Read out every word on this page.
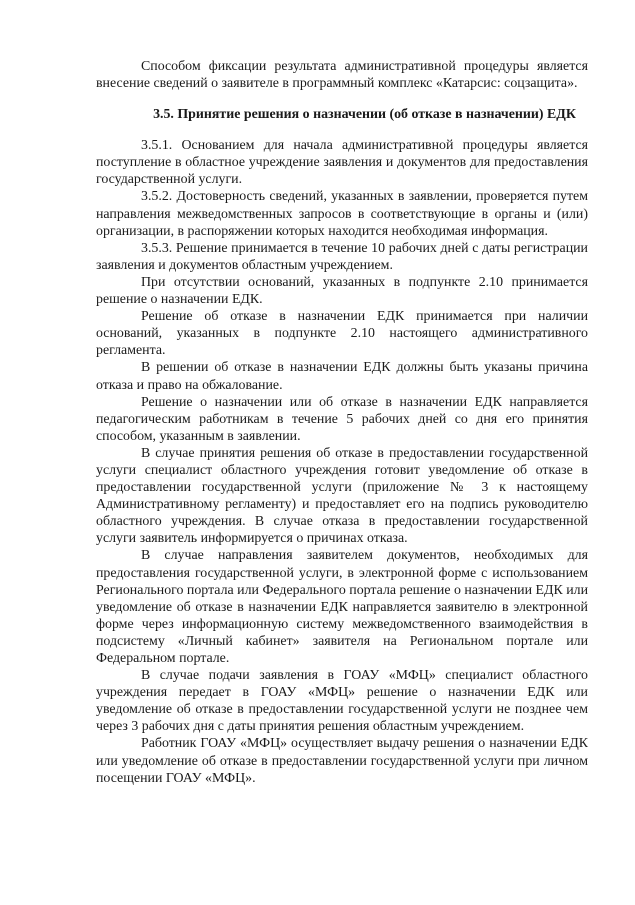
Способом фиксации результата административной процедуры является внесение сведений о заявителе в программный комплекс «Катарсис: соцзащита».

3.5. Принятие решения о назначении (об отказе в назначении) ЕДК

3.5.1. Основанием для начала административной процедуры является поступление в областное учреждение заявления и документов для предоставления государственной услуги.

3.5.2. Достоверность сведений, указанных в заявлении, проверяется путем направления межведомственных запросов в соответствующие в органы и (или) организации, в распоряжении которых находится необходимая информация.

3.5.3. Решение принимается в течение 10 рабочих дней с даты регистрации заявления и документов областным учреждением.

При отсутствии оснований, указанных в подпункте 2.10 принимается решение о назначении ЕДК.

Решение об отказе в назначении ЕДК принимается при наличии оснований, указанных в подпункте 2.10 настоящего административного регламента.

В решении об отказе в назначении ЕДК должны быть указаны причина отказа и право на обжалование.

Решение о назначении или об отказе в назначении ЕДК направляется педагогическим работникам в течение 5 рабочих дней со дня его принятия способом, указанным в заявлении.

В случае принятия решения об отказе в предоставлении государственной услуги специалист областного учреждения готовит уведомление об отказе в предоставлении государственной услуги (приложение № 3 к настоящему Административному регламенту) и предоставляет его на подпись руководителю областного учреждения. В случае отказа в предоставлении государственной услуги заявитель информируется о причинах отказа.

В случае направления заявителем документов, необходимых для предоставления государственной услуги, в электронной форме с использованием Регионального портала или Федерального портала решение о назначении ЕДК или уведомление об отказе в назначении ЕДК направляется заявителю в электронной форме через информационную систему межведомственного взаимодействия в подсистему «Личный кабинет» заявителя на Региональном портале или Федеральном портале.

В случае подачи заявления в ГОАУ «МФЦ» специалист областного учреждения передает в ГОАУ «МФЦ» решение о назначении ЕДК или уведомление об отказе в предоставлении государственной услуги не позднее чем через 3 рабочих дня с даты принятия решения областным учреждением.

Работник ГОАУ «МФЦ» осуществляет выдачу решения о назначении ЕДК или уведомление об отказе в предоставлении государственной услуги при личном посещении ГОАУ «МФЦ».
